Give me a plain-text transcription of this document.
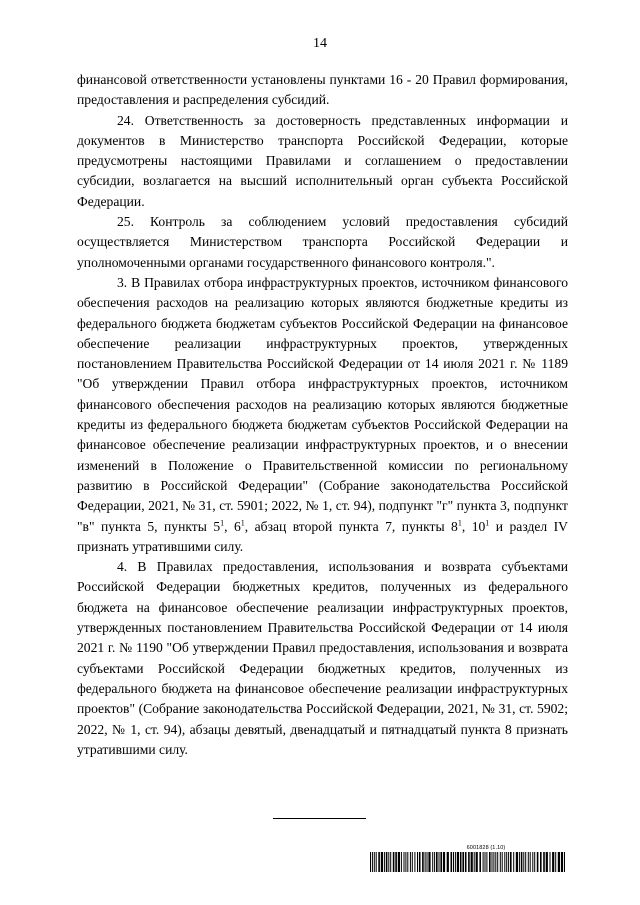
14

финансовой ответственности установлены пунктами 16 - 20 Правил формирования, предоставления и распределения субсидий.

24. Ответственность за достоверность представленных информации и документов в Министерство транспорта Российской Федерации, которые предусмотрены настоящими Правилами и соглашением о предоставлении субсидии, возлагается на высший исполнительный орган субъекта Российской Федерации.

25. Контроль за соблюдением условий предоставления субсидий осуществляется Министерством транспорта Российской Федерации и уполномоченными органами государственного финансового контроля.".

3. В Правилах отбора инфраструктурных проектов, источником финансового обеспечения расходов на реализацию которых являются бюджетные кредиты из федерального бюджета бюджетам субъектов Российской Федерации на финансовое обеспечение реализации инфраструктурных проектов, утвержденных постановлением Правительства Российской Федерации от 14 июля 2021 г. № 1189 "Об утверждении Правил отбора инфраструктурных проектов, источником финансового обеспечения расходов на реализацию которых являются бюджетные кредиты из федерального бюджета бюджетам субъектов Российской Федерации на финансовое обеспечение реализации инфраструктурных проектов, и о внесении изменений в Положение о Правительственной комиссии по региональному развитию в Российской Федерации" (Собрание законодательства Российской Федерации, 2021, № 31, ст. 5901; 2022, № 1, ст. 94), подпункт "г" пункта 3, подпункт "в" пункта 5, пункты $5^1$, $6^1$, абзац второй пункта 7, пункты $8^1$, $10^1$ и раздел IV признать утратившими силу.

4. В Правилах предоставления, использования и возврата субъектами Российской Федерации бюджетных кредитов, полученных из федерального бюджета на финансовое обеспечение реализации инфраструктурных проектов, утвержденных постановлением Правительства Российской Федерации от 14 июля 2021 г. № 1190 "Об утверждении Правил предоставления, использования и возврата субъектами Российской Федерации бюджетных кредитов, полученных из федерального бюджета на финансовое обеспечение реализации инфраструктурных проектов" (Собрание законодательства Российской Федерации, 2021, № 31, ст. 5902; 2022, № 1, ст. 94), абзацы девятый, двенадцатый и пятнадцатый пункта 8 признать утратившими силу.

6001828 (1.10)
